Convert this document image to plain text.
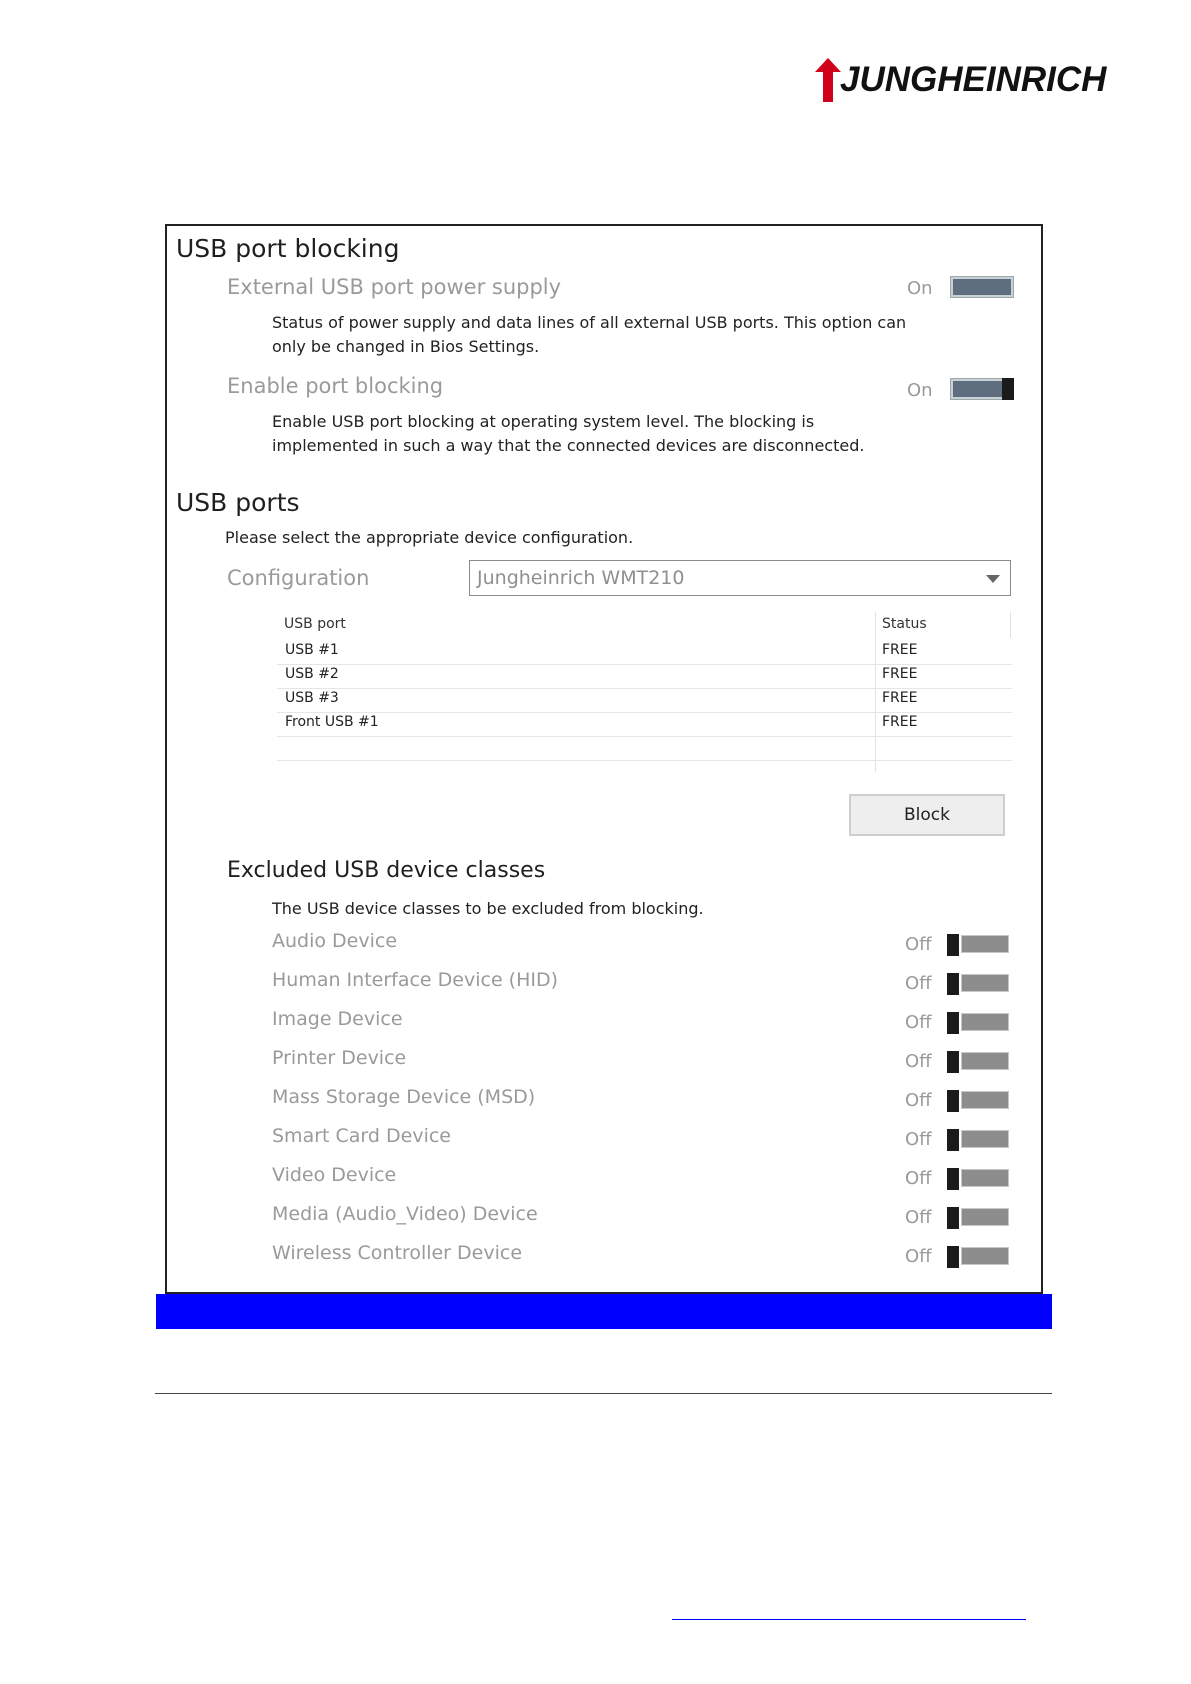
JUNGHEINRICH
USB port blocking
External USB port power supply	On
Status of power supply and data lines of all external USB ports. This option can only be changed in Bios Settings.
Enable port blocking	On
Enable USB port blocking at operating system level. The blocking is implemented in such a way that the connected devices are disconnected.
USB ports
Please select the appropriate device configuration.
Configuration	Jungheinrich WMT210
USB port	Status
USB #1	FREE
USB #2	FREE
USB #3	FREE
Front USB #1	FREE
Block
Excluded USB device classes
The USB device classes to be excluded from blocking.
Audio Device	Off
Human Interface Device (HID)	Off
Image Device	Off
Printer Device	Off
Mass Storage Device (MSD)	Off
Smart Card Device	Off
Video Device	Off
Media (Audio_Video) Device	Off
Wireless Controller Device	Off
